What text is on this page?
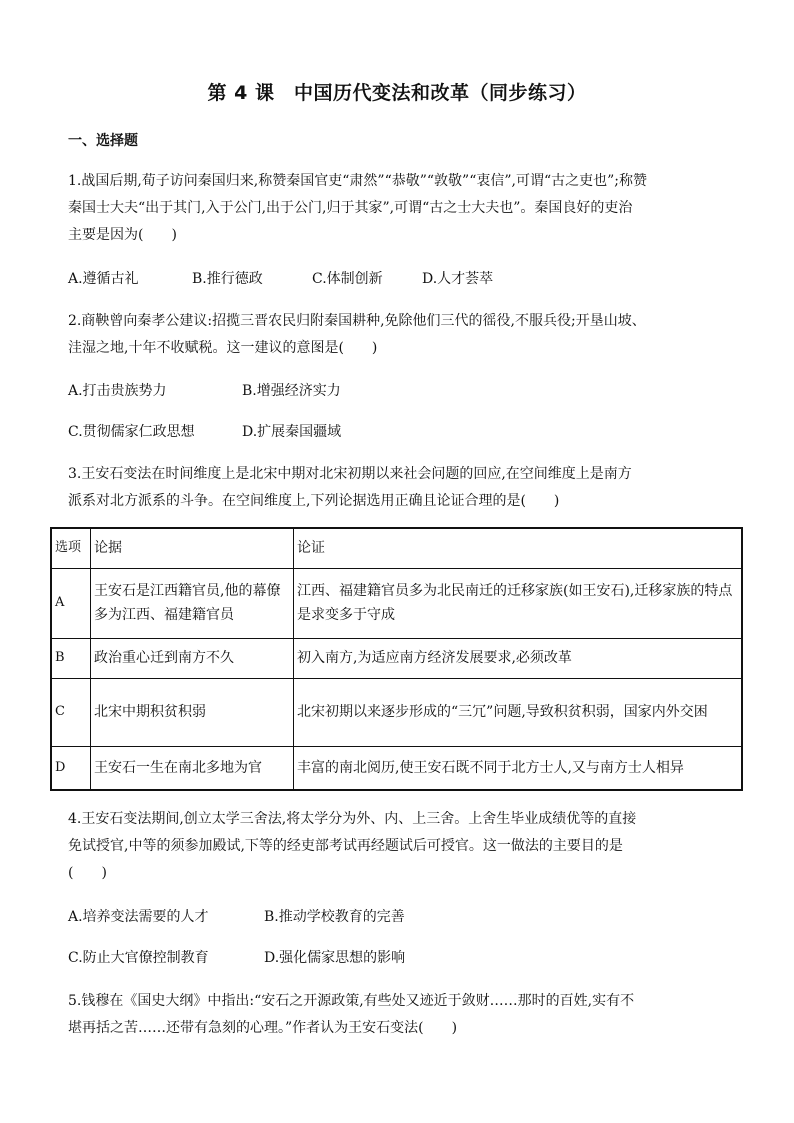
第 4 课　中国历代变法和改革（同步练习）
一、选择题
1.战国后期,荀子访问秦国归来,称赞秦国官吏“肃然”“恭敬”“敦敬”“衷信”,可谓“古之吏也”;称赞
秦国士大夫“出于其门,入于公门,出于公门,归于其家”,可谓“古之士大夫也”。秦国良好的吏治
主要是因为(　　)
A.遵循古礼	B.推行德政	C.体制创新	D.人才荟萃
2.商鞅曾向秦孝公建议:招揽三晋农民归附秦国耕种,免除他们三代的徭役,不服兵役;开垦山坡、
洼湿之地,十年不收赋税。这一建议的意图是(　　)
A.打击贵族势力	B.增强经济实力
C.贯彻儒家仁政思想	D.扩展秦国疆域
3.王安石变法在时间维度上是北宋中期对北宋初期以来社会问题的回应,在空间维度上是南方
派系对北方派系的斗争。在空间维度上,下列论据选用正确且论证合理的是(　　)
选项	论据	论证
A	王安石是江西籍官员,他的幕僚多为江西、福建籍官员	江西、福建籍官员多为北民南迁的迁移家族(如王安石),迁移家族的特点是求变多于守成
B	政治重心迁到南方不久	初入南方,为适应南方经济发展要求,必须改革
C	北宋中期积贫积弱	北宋初期以来逐步形成的“三冗”问题,导致积贫积弱，国家内外交困
D	王安石一生在南北多地为官	丰富的南北阅历,使王安石既不同于北方士人,又与南方士人相异
4.王安石变法期间,创立太学三舍法,将太学分为外、内、上三舍。上舍生毕业成绩优等的直接
免试授官,中等的须参加殿试,下等的经吏部考试再经题试后可授官。这一做法的主要目的是
(　　)
A.培养变法需要的人才	B.推动学校教育的完善
C.防止大官僚控制教育	D.强化儒家思想的影响
5.钱穆在《国史大纲》中指出:“安石之开源政策,有些处又迹近于敛财……那时的百姓,实有不
堪再括之苦……还带有急刻的心理。”作者认为王安石变法(　　)
